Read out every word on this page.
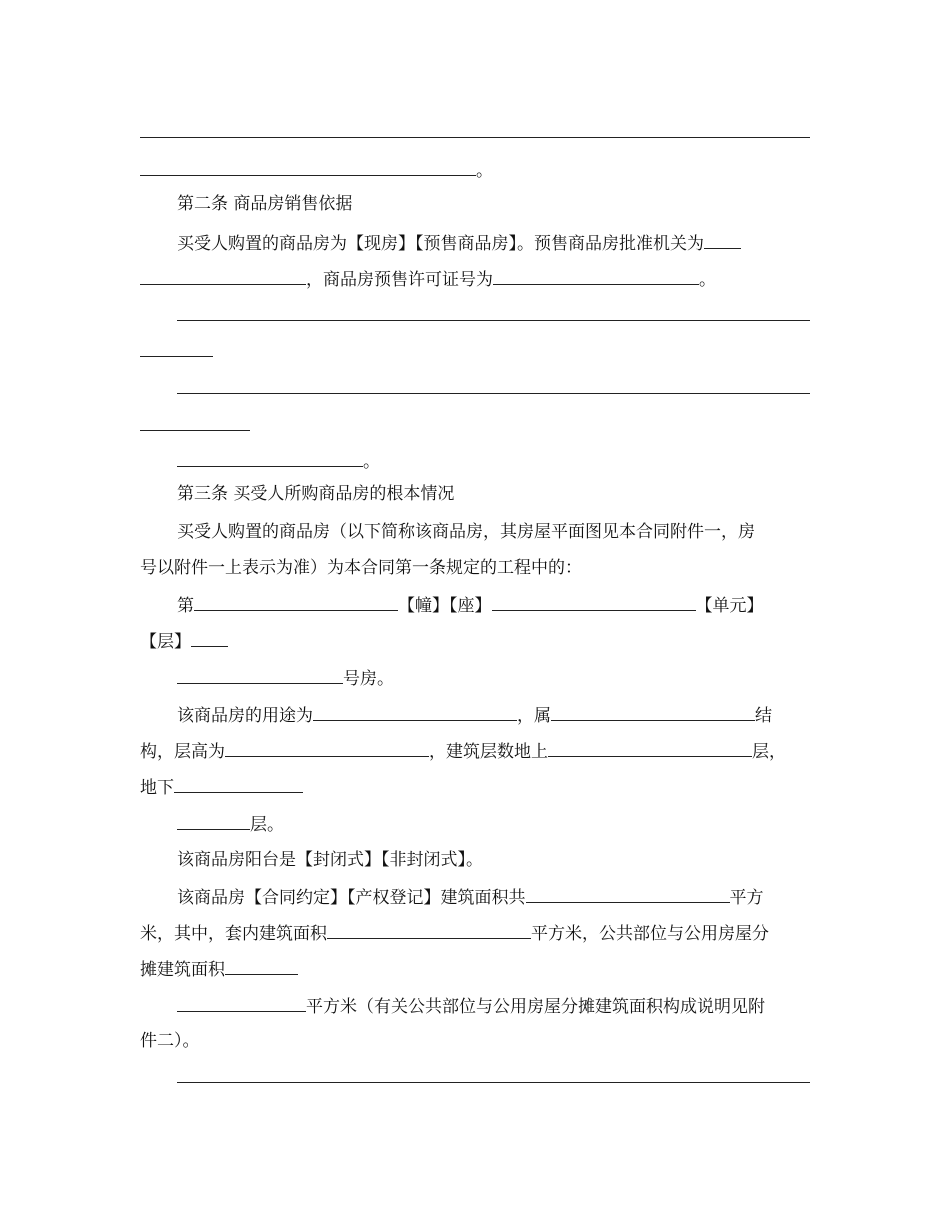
。
第二条 商品房销售依据
买受人购置的商品房为【现房】【预售商品房】。预售商品房批准机关为
，商品房预售许可证号为	。
。
第三条 买受人所购商品房的根本情况
买受人购置的商品房（以下简称该商品房，其房屋平面图见本合同附件一，房
号以附件一上表示为准）为本合同第一条规定的工程中的：
第	【幢】【座】	【单元】
【层】
号房。
该商品房的用途为	，属	结
构，层高为	，建筑层数地上	层，
地下
层。
该商品房阳台是【封闭式】【非封闭式】。
该商品房【合同约定】【产权登记】建筑面积共	平方
米，其中，套内建筑面积	平方米，公共部位与公用房屋分
摊建筑面积
平方米（有关公共部位与公用房屋分摊建筑面积构成说明见附
件二）。
